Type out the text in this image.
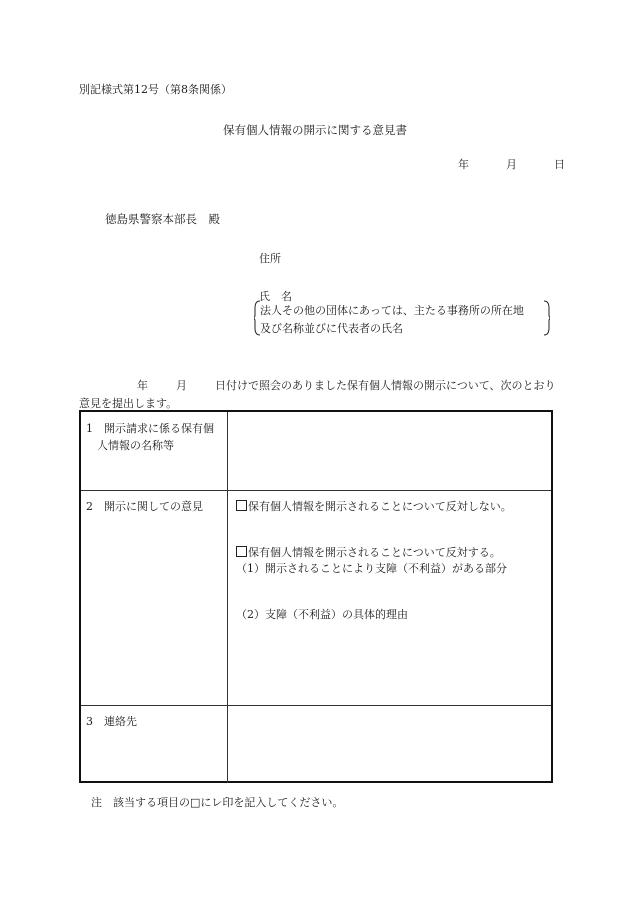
別記様式第12号（第8条関係）
保有個人情報の開示に関する意見書
年	月	日
徳島県警察本部長　殿
住所
氏　名
法人その他の団体にあっては、主たる事務所の所在地
及び名称並びに代表者の氏名
年	月	日付けで照会のありました保有個人情報の開示について、次のとおり意見を提出します。
1　開示請求に係る保有個
人情報の名称等
2　開示に関しての意見	保有個人情報を開示されることについて反対しない。
保有個人情報を開示されることについて反対する。
（1）開示されることにより支障（不利益）がある部分
（2）支障（不利益）の具体的理由
3　連絡先
注　該当する項目の□にレ印を記入してください。
